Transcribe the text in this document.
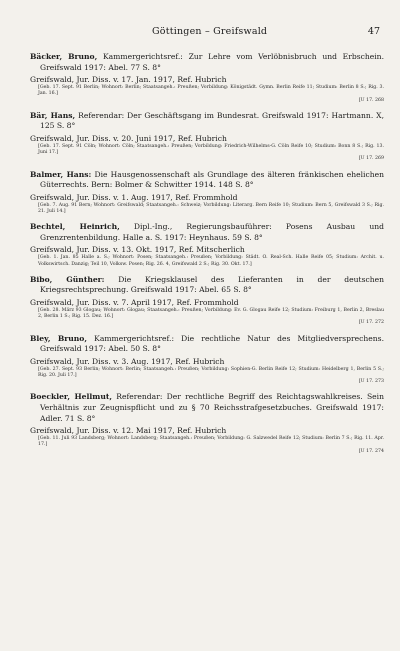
Göttingen – Greifswald	47
Bäcker, Bruno, Kammergerichtsref.: Zur Lehre vom Verlöbnisbruch und Erbschein. Greifswald 1917: Abel. 77 S. 8°
Greifswald, Jur. Diss. v. 17. Jan. 1917, Ref. Hubrich
[Geb. 17. Sept. 91 Berlin; Wohnort: Berlin; Staatsangeh.: Preußen; Vorbildung: Königstädt. Gymn. Berlin Reife 11; Studium: Berlin 8 S.; Rig. 3. Jan. 16.]
[U 17. 268
Bär, Hans, Referendar: Der Geschäftsgang im Bundesrat. Greifswald 1917: Hartmann. X, 125 S. 8°
Greifswald, Jur. Diss. v. 20. Juni 1917, Ref. Hubrich
[Geb. 17. Sept. 91 Cöln; Wohnort: Cöln; Staatsangeh.: Preußen; Vorbildung: Friedrich-Wilhelms-G. Cöln Reife 10; Studium: Bonn 8 S.; Rig. 13. Juni 17.]
[U 17. 269
Balmer, Hans: Die Hausgenossenschaft als Grundlage des älteren fränkischen ehelichen Güterrechts. Bern: Bolmer & Schwitter 1914. 148 S. 8°
Greifswald, Jur. Diss. v. 1. Aug. 1917, Ref. Frommhold
[Geb. 7. Aug. 91 Bern; Wohnort: Greifswald; Staatsangeh.: Schweiz; Vorbildung: Literarg. Bern Reife 10; Studium: Bern 5, Greifswald 3 S.; Rig. 21. Juli 14.]
Bechtel, Heinrich, Dipl.-Ing., Regierungsbauführer: Posens Ausbau und Grenzrentenbildung. Halle a. S. 1917: Heynhaus. 59 S. 8°
Greifswald, Jur. Diss. v. 13. Okt. 1917, Ref. Mitscherlich
[Geb. 1. Jan. 85 Halle a. S.; Wohnort: Posen; Staatsangeh.: Preußen; Vorbildung: Städt. O. Real-Sch. Halle Reife 05; Studium: Archit. u. Volkswirtsch. Danzig; Teil 10, Volksw. Posen; Rig. 26. 4, Greifswald 2 S.; Rig. 30. Okt. 17.]
Bibo, Günther: Die Kriegsklausel des Lieferanten in der deutschen Kriegsrechtsprechung. Greifswald 1917: Abel. 65 S. 8°
Greifswald, Jur. Diss. v. 7. April 1917, Ref. Frommhold
[Geb. 28. März 93 Glogau; Wohnort: Glogau; Staatsangeh.: Preußen; Vorbildung: Ev. G. Glogau Reife 12; Studium: Freiburg 1, Berlin 2, Breslau 2, Berlin 1 S.; Rig. 15. Dez. 16.]
[U 17. 272
Bley, Bruno, Kammergerichtsref.: Die rechtliche Natur des Mitgliedversprechens. Greifswald 1917: Abel. 50 S. 8°
Greifswald, Jur. Diss. v. 3. Aug. 1917, Ref. Hubrich
[Geb. 27. Sept. 93 Berlin; Wohnort: Berlin; Staatsangeh.: Preußen; Vorbildung: Sophien-G. Berlin Reife 12; Studium: Heidelberg 1, Berlin 5 S.; Rig. 20. Juli 17.]
[U 17. 273
Boeckler, Hellmut, Referendar: Der rechtliche Begriff des Reichtagswahlkreises. Sein Verhältnis zur Zeugnispflicht und zu § 70 Reichsstrafgesetzbuches. Greifswald 1917: Adler. 71 S. 8°
Greifswald, Jur. Diss. v. 12. Mai 1917, Ref. Hubrich
[Geb. 11. Juli 93 Landsberg; Wohnort: Landsberg; Staatsangeh.: Preußen; Vorbildung: G. Salzwedel Reife 12; Studium: Berlin 7 S.; Rig. 11. Apr. 17.]
[U 17. 274
